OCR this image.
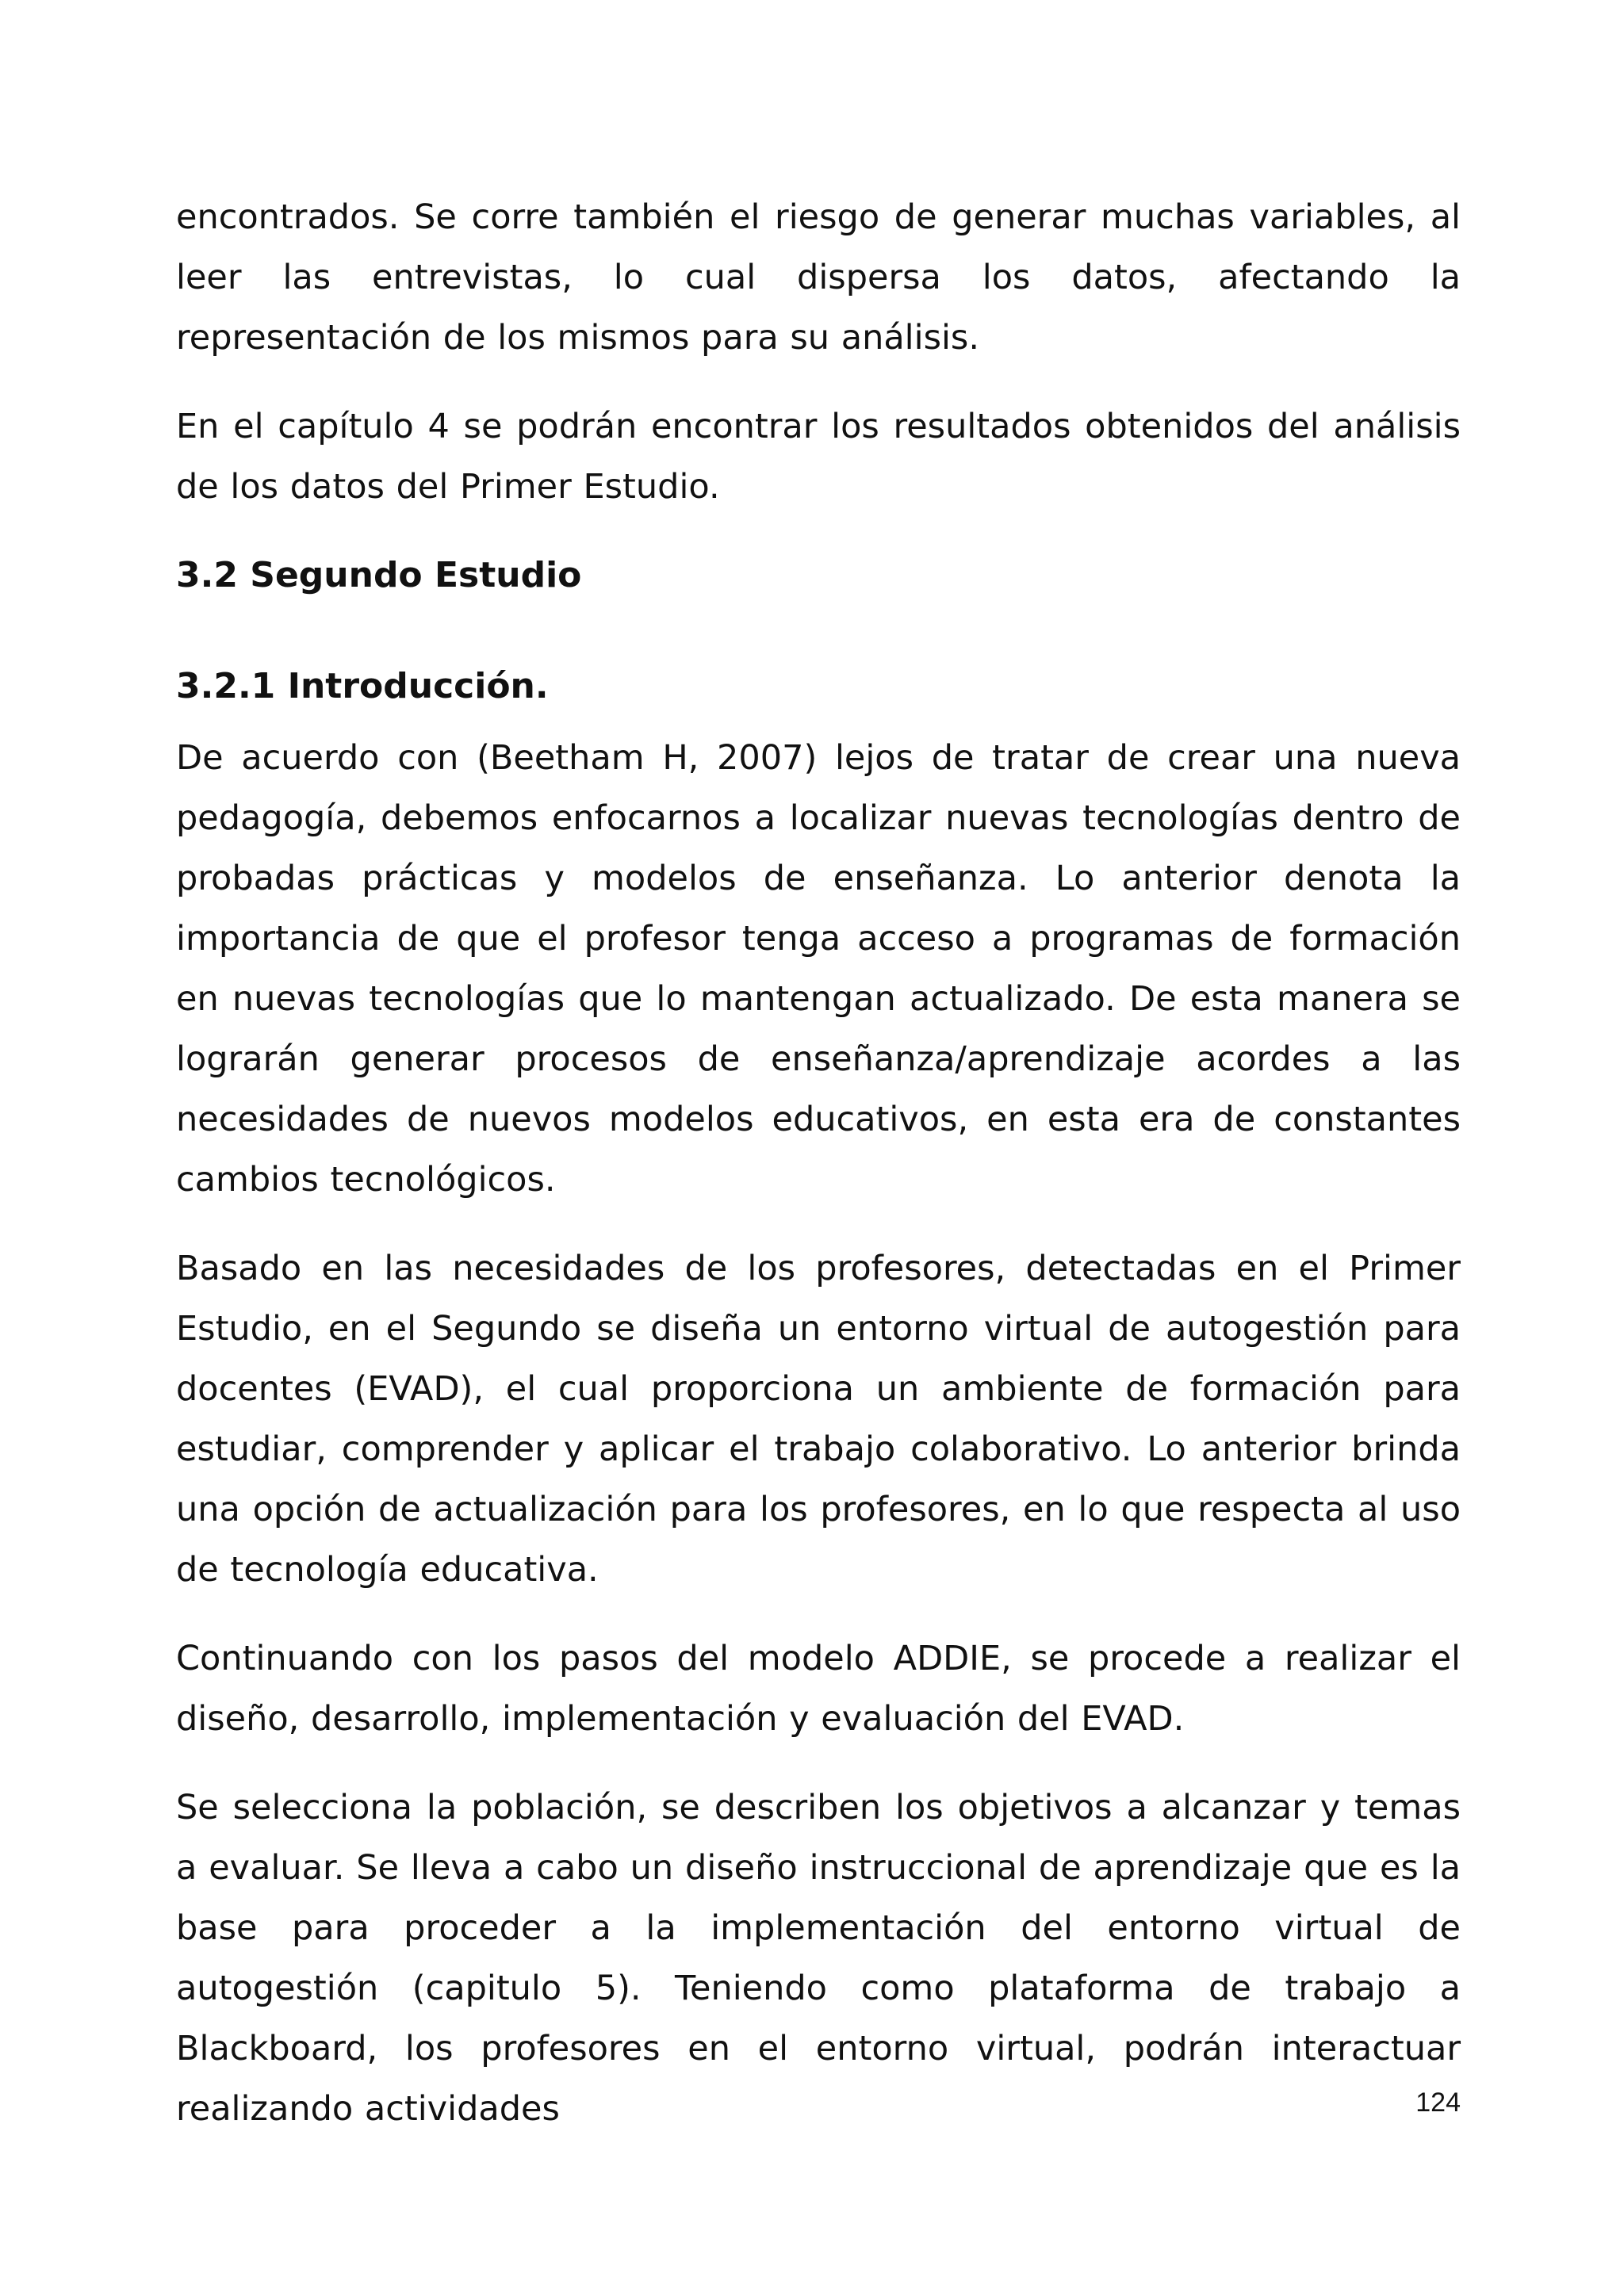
encontrados. Se corre también el riesgo de generar muchas variables, al leer las entrevistas, lo cual dispersa los datos, afectando la representación de los mismos para su análisis.

En el capítulo 4 se podrán encontrar los resultados obtenidos del análisis de los datos del Primer Estudio.

3.2 Segundo Estudio
3.2.1 Introducción.

De acuerdo con (Beetham H, 2007) lejos de tratar de crear una nueva pedagogía, debemos enfocarnos a localizar nuevas tecnologías dentro de probadas prácticas y modelos de enseñanza. Lo anterior denota la importancia de que el profesor tenga acceso a programas de formación en nuevas tecnologías que lo mantengan actualizado. De esta manera se lograrán generar procesos de enseñanza/aprendizaje acordes a las necesidades de nuevos modelos educativos, en esta era de constantes cambios tecnológicos.

Basado en las necesidades de los profesores, detectadas en el Primer Estudio, en el Segundo se diseña un entorno virtual de autogestión para docentes (EVAD), el cual proporciona un ambiente de formación para estudiar, comprender y aplicar el trabajo colaborativo. Lo anterior brinda una opción de actualización para los profesores, en lo que respecta al uso de tecnología educativa.

Continuando con los pasos del modelo ADDIE, se procede a realizar el diseño, desarrollo, implementación y evaluación del EVAD.

Se selecciona la población, se describen los objetivos a alcanzar y temas a evaluar. Se lleva a cabo un diseño instruccional de aprendizaje que es la base para proceder a la implementación del entorno virtual de autogestión (capitulo 5). Teniendo como plataforma de trabajo a Blackboard, los profesores en el entorno virtual, podrán interactuar realizando actividades	124
